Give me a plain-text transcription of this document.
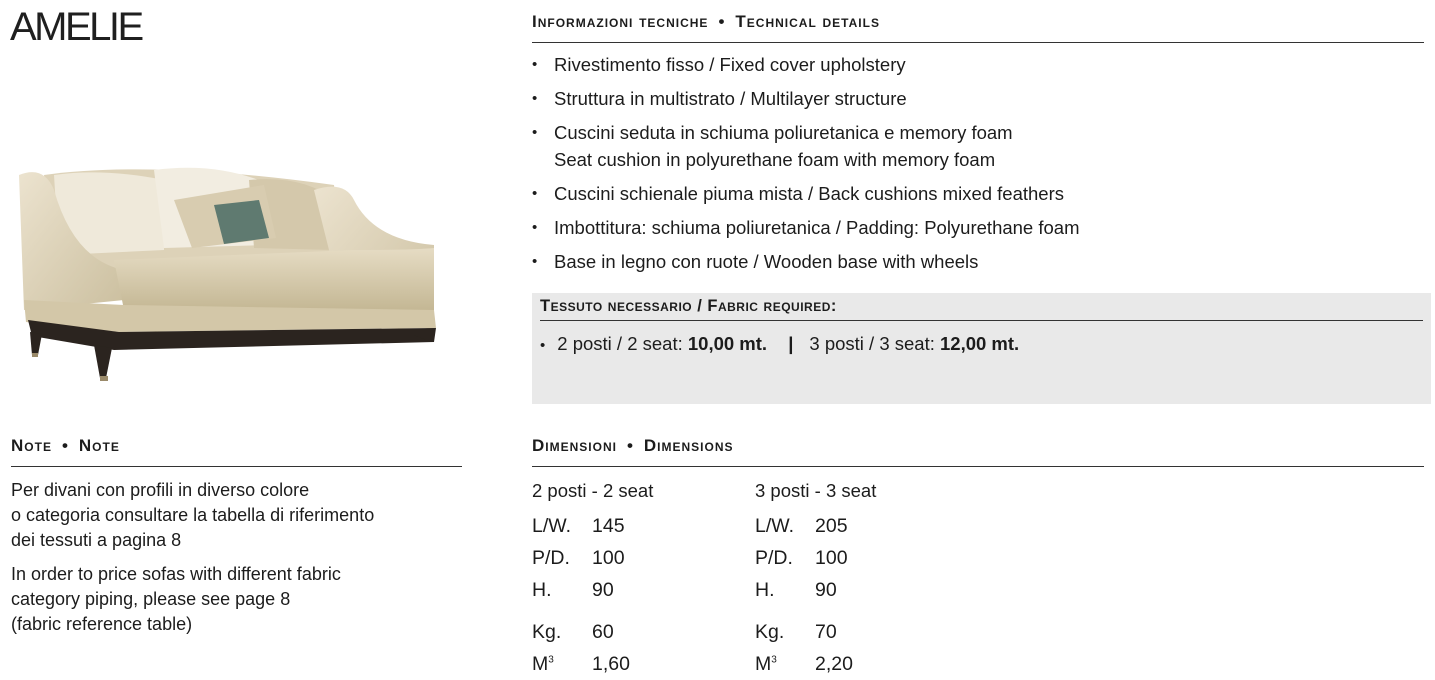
AMELIE	Informazioni tecniche • Technical details
• Rivestimento fisso / Fixed cover upholstery
• Struttura in multistrato / Multilayer structure
• Cuscini seduta in schiuma poliuretanica e memory foam
Seat cushion in polyurethane foam with memory foam
• Cuscini schienale piuma mista / Back cushions mixed feathers
• Imbottitura: schiuma poliuretanica / Padding: Polyurethane foam
• Base in legno con ruote / Wooden base with wheels
Tessuto necessario / Fabric required:
• 2 posti / 2 seat: 10,00 mt. | 3 posti / 3 seat: 12,00 mt.
Note • Note
Per divani con profili in diverso colore
o categoria consultare la tabella di riferimento
dei tessuti a pagina 8
In order to price sofas with different fabric
category piping, please see page 8
(fabric reference table)
Dimensioni • Dimensions
2 posti - 2 seat
L/W.	145
P/D.	100
H.	90
Kg.	60
$M^3$	1,60
3 posti - 3 seat
L/W.	205
P/D.	100
H.	90
Kg.	70
$M^3$	2,20
